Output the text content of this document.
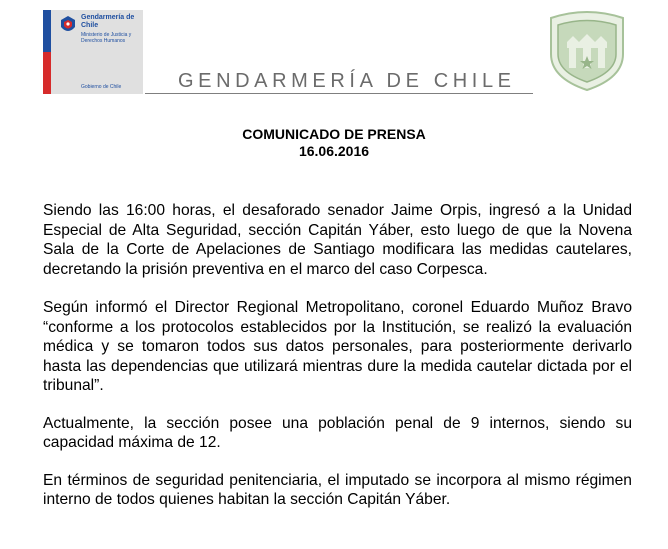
Gendarmería de Chile
Ministerio de Justicia y Derechos Humanos
Gobierno de Chile	GENDARMERÍA DE CHILE
COMUNICADO DE PRENSA
16.06.2016

Siendo las 16:00 horas, el desaforado senador Jaime Orpis, ingresó a la Unidad Especial de Alta Seguridad, sección Capitán Yáber, esto luego de que la Novena Sala de la Corte de Apelaciones de Santiago modificara las medidas cautelares, decretando la prisión preventiva en el marco del caso Corpesca.

Según informó el Director Regional Metropolitano, coronel Eduardo Muñoz Bravo “conforme a los protocolos establecidos por la Institución, se realizó la evaluación médica y se tomaron todos sus datos personales, para posteriormente derivarlo hasta las dependencias que utilizará mientras dure la medida cautelar dictada por el tribunal”.

Actualmente, la sección posee una población penal de 9 internos, siendo su capacidad máxima de 12.

En términos de seguridad penitenciaria, el imputado se incorpora al mismo régimen interno de todos quienes habitan la sección Capitán Yáber.
